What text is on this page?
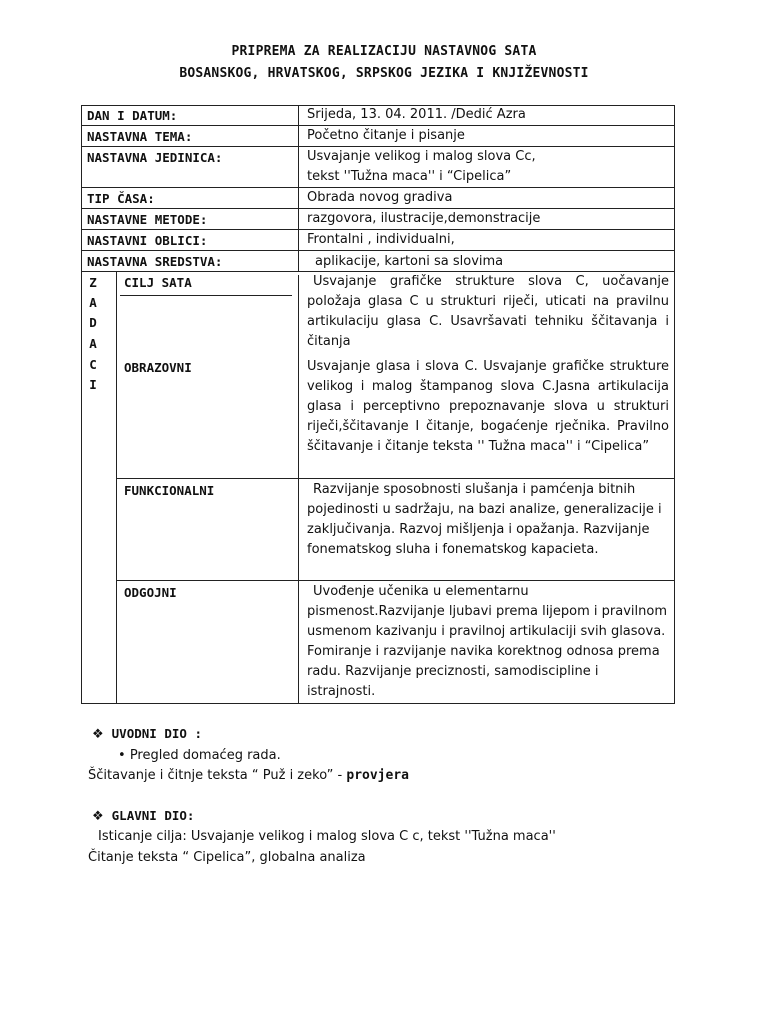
PRIPREMA ZA REALIZACIJU NASTAVNOG SATA
BOSANSKOG, HRVATSKOG, SRPSKOG JEZIKA I KNJIŽEVNOSTI
DAN I DATUM:	Srijeda, 13. 04. 2011. /Dedić Azra
NASTAVNA TEMA:	Početno čitanje i pisanje
NASTAVNA JEDINICA:	Usvajanje velikog i malog slova Cc,
tekst ''Tužna maca'' i “Cipelica”
TIP ČASA:	Obrada novog gradiva
NASTAVNE METODE:	razgovora, ilustracije,demonstracije
NASTAVNI OBLICI:	Frontalni , individualni,
NASTAVNA SREDSTVA:	aplikacije, kartoni sa slovima
Z
A
D
A
C
I
CILJ SATA	Usvajanje grafičke strukture slova C, uočavanje položaja glasa C u strukturi riječi, uticati na pravilnu artikulaciju glasa C. Usavršavati tehniku ščitavanja i čitanja
OBRAZOVNI	Usvajanje glasa i slova C. Usvajanje grafičke strukture velikog i malog štampanog slova C.Jasna artikulacija glasa i perceptivno prepoznavanje slova u strukturi riječi,ščitavanje I čitanje, bogaćenje rječnika. Pravilno ščitavanje i čitanje teksta '' Tužna maca'' i “Cipelica”
FUNKCIONALNI	Razvijanje sposobnosti slušanja i pamćenja bitnih pojedinosti u sadržaju, na bazi analize, generalizacije i zaključivanja. Razvoj mišljenja i opažanja. Razvijanje fonematskog sluha i fonematskog kapacieta.
ODGOJNI	Uvođenje učenika u elementarnu pismenost.Razvijanje ljubavi prema lijepom i pravilnom usmenom kazivanju i pravilnoj artikulaciji svih glasova. Fomiranje i razvijanje navika korektnog odnosa prema radu. Razvijanje preciznosti, samodiscipline i istrajnosti.
❖ UVODNI DIO :
• Pregled domaćeg rada.
Ščitavanje i čitnje teksta “ Puž i zeko” - provjera
❖ GLAVNI DIO:
Isticanje cilja: Usvajanje velikog i malog slova C c, tekst ''Tužna maca''
Čitanje teksta “ Cipelica”, globalna analiza
